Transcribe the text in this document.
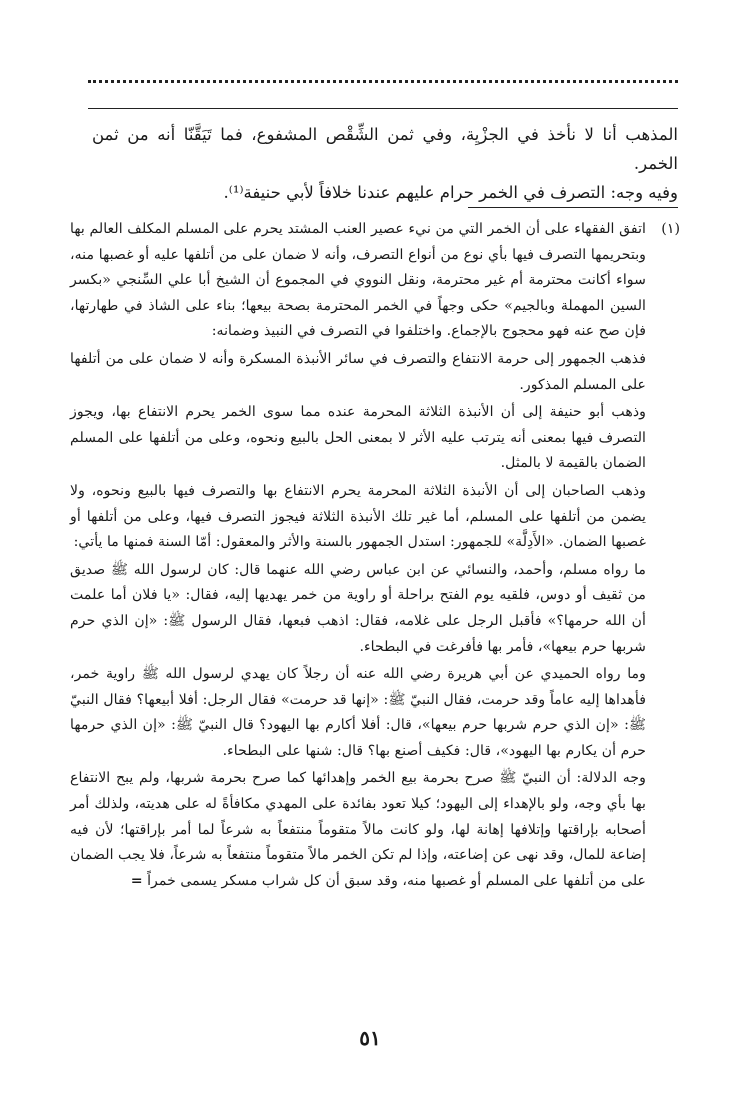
المذهب أنا لا نأخذ في الجزْيِة، وفي ثمن الشِّقْص المشفوع، فما تَيَقَّنّا أنه من ثمن الخمر.

وفيه وجه: التصرف في الخمر حرام عليهم عندنا خلافاً لأبي حنيفة⁽¹⁾.

(١)

اتفق الفقهاء على أن الخمر التي من نيء عصير العنب المشتد يحرم على المسلم المكلف العالم بها وبتحريمها التصرف فيها بأي نوع من أنواع التصرف، وأنه لا ضمان على من أتلفها عليه أو غصبها منه، سواء أكانت محترمة أم غير محترمة، ونقل النووي في المجموع أن الشيخ أبا علي السِّنجي «بكسر السين المهملة وبالجيم» حكى وجهاً في الخمر المحترمة بصحة بيعها؛ بناء على الشاذ في طهارتها، فإن صح عنه فهو محجوج بالإجماع. واختلفوا في التصرف في النبيذ وضمانه:

فذهب الجمهور إلى حرمة الانتفاع والتصرف في سائر الأنبذة المسكرة وأنه لا ضمان على من أتلفها على المسلم المذكور.

وذهب أبو حنيفة إلى أن الأنبذة الثلاثة المحرمة عنده مما سوى الخمر يحرم الانتفاع بها، ويجوز التصرف فيها بمعنى أنه يترتب عليه الأثر لا بمعنى الحل بالبيع ونحوه، وعلى من أتلفها على المسلم الضمان بالقيمة لا بالمثل.

وذهب الصاحبان إلى أن الأنبذة الثلاثة المحرمة يحرم الانتفاع بها والتصرف فيها بالبيع ونحوه، ولا يضمن من أتلفها على المسلم، أما غير تلك الأنبذة الثلاثة فيجوز التصرف فيها، وعلى من أتلفها أو غصبها الضمان. «الأَدِلَّة» للجمهور: استدل الجمهور بالسنة والأثر والمعقول: أمّا السنة فمنها ما يأتي:

ما رواه مسلم، وأحمد، والنسائي عن ابن عباس رضي الله عنهما قال: كان لرسول الله ﷺ صديق من ثقيف أو دوس، فلقيه يوم الفتح براحلة أو راوية من خمر يهديها إليه، فقال: «يا فلان أما علمت أن الله حرمها؟» فأقبل الرجل على غلامه، فقال: اذهب فبعها، فقال الرسول ﷺ: «إن الذي حرم شربها حرم بيعها»، فأمر بها فأفرغت في البطحاء.

وما رواه الحميدي عن أبي هريرة رضي الله عنه أن رجلاً كان يهدي لرسول الله ﷺ راوية خمر، فأهداها إليه عاماً وقد حرمت، فقال النبيّ ﷺ: «إنها قد حرمت» فقال الرجل: أفلا أبيعها؟ فقال النبيّ ﷺ: «إن الذي حرم شربها حرم بيعها»، قال: أفلا أكارم بها اليهود؟ قال النبيّ ﷺ: «إن الذي حرمها حرم أن يكارم بها اليهود»، قال: فكيف أصنع بها؟ قال: شنها على البطحاء.

وجه الدلالة: أن النبيّ ﷺ صرح بحرمة بيع الخمر وإهدائها كما صرح بحرمة شربها، ولم يبح الانتفاع بها بأي وجه، ولو بالإهداء إلى اليهود؛ كيلا تعود بفائدة على المهدي مكافأةً له على هديته، ولذلك أمر أصحابه بإراقتها وإتلافها إهانة لها، ولو كانت مالاً متقوماً منتفعاً به شرعاً لما أمر بإراقتها؛ لأن فيه إضاعة للمال، وقد نهى عن إضاعته، وإذا لم تكن الخمر مالاً متقوماً منتفعاً به شرعاً، فلا يجب الضمان على من أتلفها على المسلم أو غصبها منه، وقد سبق أن كل شراب مسكر يسمى خمراً =

٥١
